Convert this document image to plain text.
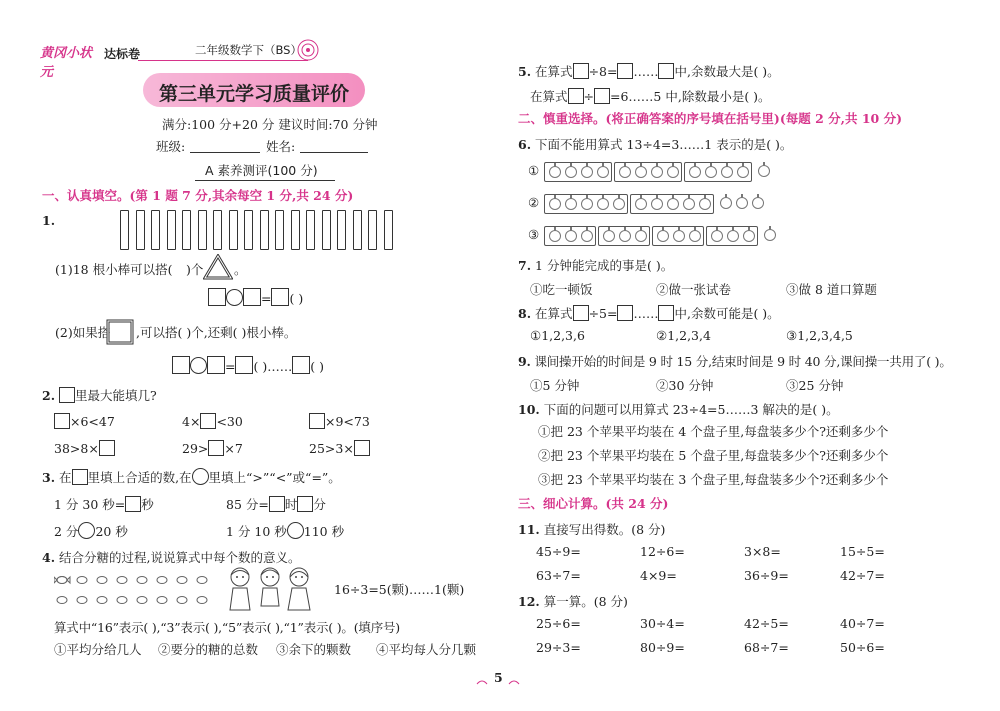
黄冈小状元
达标卷	二年级数学下（BS）
第三单元学习质量评价
满分:100 分+20 分 建议时间:70 分钟
班级:	姓名:
A 素养测评(100 分)
一、认真填空。(第 1 题 7 分,其余每空 1 分,共 24 分)
1.
(1)18 根小棒可以搭( )个 。
= ( )
(2)如果搭 ,可以搭( )个,还剩( )根小棒。
= ( )…… ( )
2. 里最大能填几?
×6<47	4× <30	×9<73
38>8×	29> ×7	25>3×
3. 在 里填上合适的数,在 里填上“>”“<”或“=”。
1 分 30 秒= 秒	85 分= 时 分
2 分 20 秒	1 分 10 秒 110 秒
4. 结合分糖的过程,说说算式中每个数的意义。
16÷3=5(颗)……1(颗)
算式中“16”表示( ),“3”表示( ),“5”表示( ),“1”表示( )。(填序号)
①平均分给几人 ②要分的糖的总数 ③余下的颗数 ④平均每人分几颗
5. 在算式 ÷8= …… 中,余数最大是( )。
在算式 ÷ =6……5 中,除数最小是( )。
二、慎重选择。(将正确答案的序号填在括号里)(每题 2 分,共 10 分)
6. 下面不能用算式 13÷4=3……1 表示的是( )。
①
②
③
7. 1 分钟能完成的事是( )。
①吃一顿饭	②做一张试卷	③做 8 道口算题
8. 在算式 ÷5= …… 中,余数可能是( )。
①1,2,3,6	②1,2,3,4	③1,2,3,4,5
9. 课间操开始的时间是 9 时 15 分,结束时间是 9 时 40 分,课间操一共用了( )。
①5 分钟	②30 分钟	③25 分钟
10. 下面的问题可以用算式 23÷4=5……3 解决的是( )。
①把 23 个苹果平均装在 4 个盘子里,每盘装多少个?还剩多少个
②把 23 个苹果平均装在 5 个盘子里,每盘装多少个?还剩多少个
③把 23 个苹果平均装在 3 个盘子里,每盘装多少个?还剩多少个
三、细心计算。(共 24 分)
11. 直接写出得数。(8 分)
45÷9=	12÷6=	3×8=	15÷5=
63÷7=	4×9=	36÷9=	42÷7=
12. 算一算。(8 分)
25÷6=	30÷4=	42÷5=	40÷7=
29÷3=	80÷9=	68÷7=	50÷6=
5
